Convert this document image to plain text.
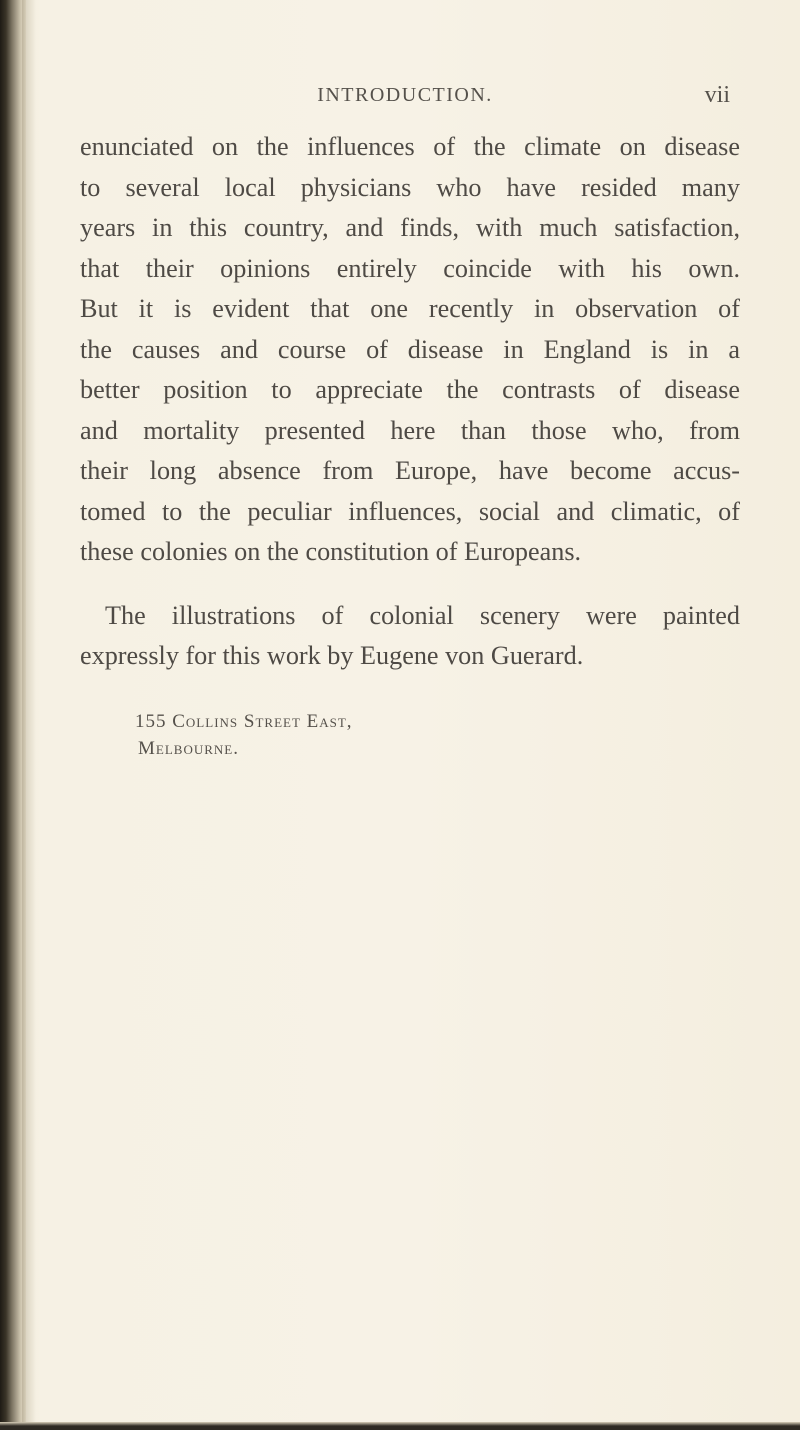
INTRODUCTION.	vii
enunciated on the influences of the climate on disease
to several local physicians who have resided many
years in this country, and finds, with much satisfaction,
that their opinions entirely coincide with his own.
But it is evident that one recently in observation of
the causes and course of disease in England is in a
better position to appreciate the contrasts of disease
and mortality presented here than those who, from
their long absence from Europe, have become accus-
tomed to the peculiar influences, social and climatic, of
these colonies on the constitution of Europeans.
The illustrations of colonial scenery were painted
expressly for this work by Eugene von Guerard.
155 Collins Street East,
Melbourne.
